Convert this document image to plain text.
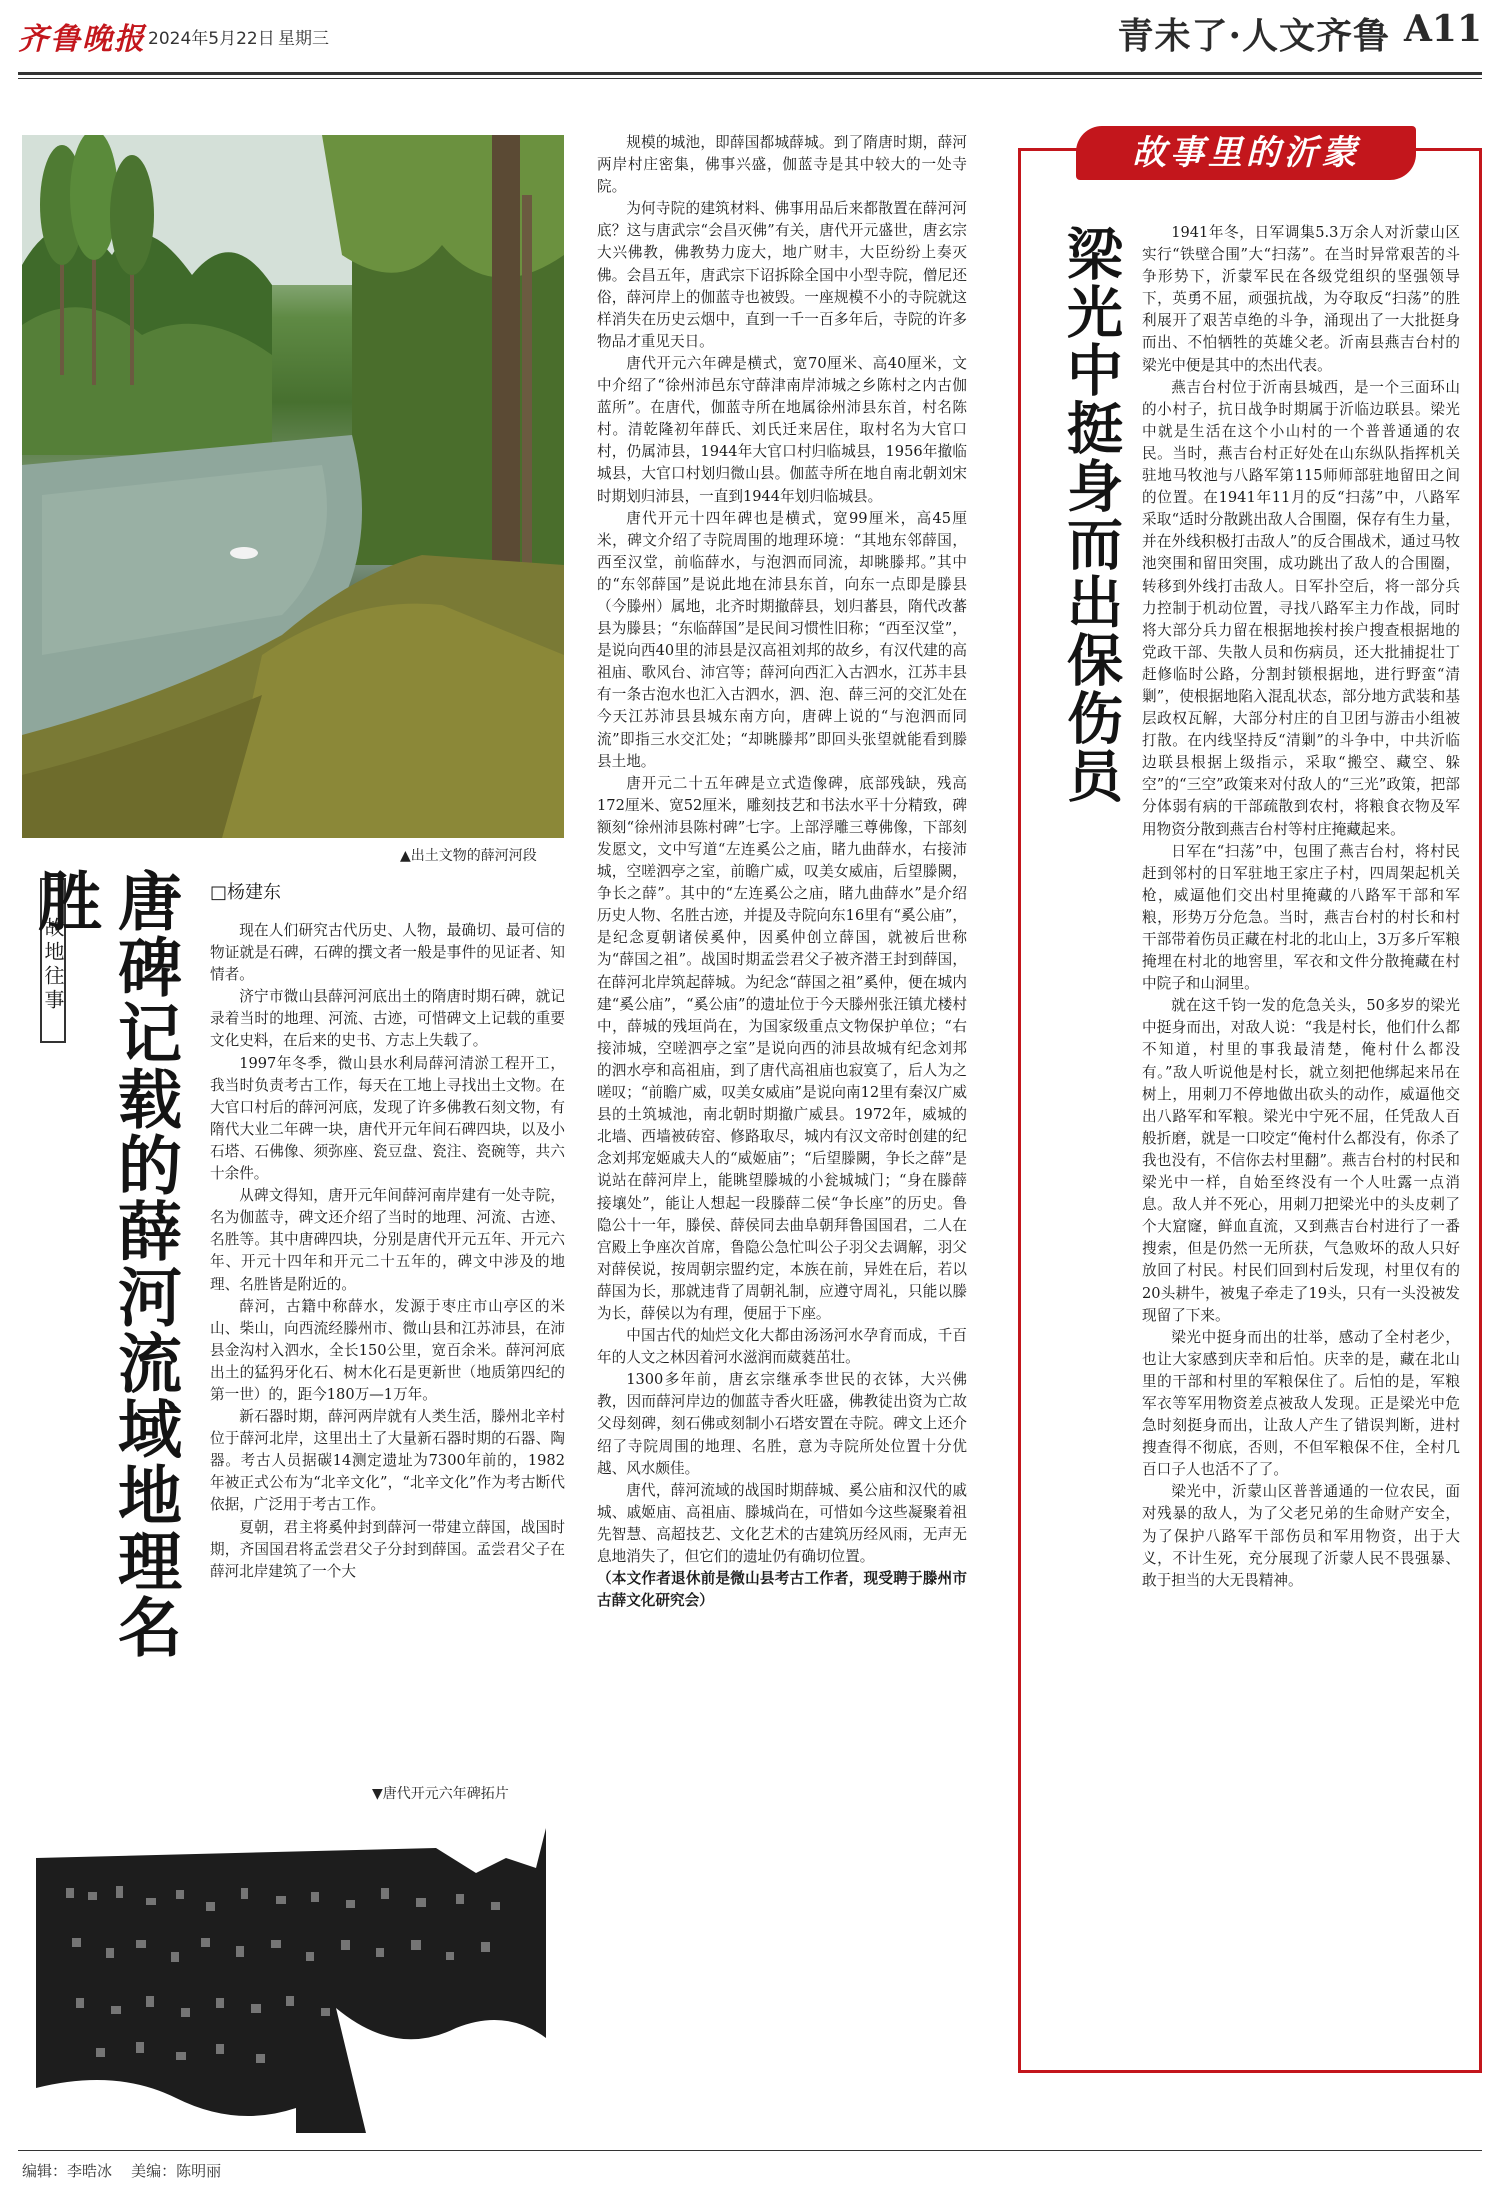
齐鲁晚报 2024年5月22日 星期三	青未了·人文齐鲁 A11
▲出土文物的薛河河段
故地往事 唐碑记载的薛河流域地理名胜	□杨建东

现在人们研究古代历史、人物，最确切、最可信的物证就是石碑，石碑的撰文者一般是事件的见证者、知情者。

济宁市微山县薛河河底出土的隋唐时期石碑，就记录着当时的地理、河流、古迹，可惜碑文上记载的重要文化史料，在后来的史书、方志上失载了。

1997年冬季，微山县水利局薛河清淤工程开工，我当时负责考古工作，每天在工地上寻找出土文物。在大官口村后的薛河河底，发现了许多佛教石刻文物，有隋代大业二年碑一块，唐代开元年间石碑四块，以及小石塔、石佛像、须弥座、瓷豆盘、瓷注、瓷碗等，共六十余件。

从碑文得知，唐开元年间薛河南岸建有一处寺院，名为伽蓝寺，碑文还介绍了当时的地理、河流、古迹、名胜等。其中唐碑四块，分别是唐代开元五年、开元六年、开元十四年和开元二十五年的，碑文中涉及的地理、名胜皆是附近的。

薛河，古籍中称薛水，发源于枣庄市山亭区的米山、柴山，向西流经滕州市、微山县和江苏沛县，在沛县金沟村入泗水，全长150公里，宽百余米。薛河河底出土的猛犸牙化石、树木化石是更新世（地质第四纪的第一世）的，距今180万—1万年。

新石器时期，薛河两岸就有人类生活，滕州北辛村位于薛河北岸，这里出土了大量新石器时期的石器、陶器。考古人员据碳14测定遗址为7300年前的，1982年被正式公布为“北辛文化”，“北辛文化”作为考古断代依据，广泛用于考古工作。

夏朝，君主将奚仲封到薛河一带建立薛国，战国时期，齐国国君将孟尝君父子分封到薛国。孟尝君父子在薛河北岸建筑了一个大

▼唐代开元六年碑拓片

规模的城池，即薛国都城薛城。到了隋唐时期，薛河两岸村庄密集，佛事兴盛，伽蓝寺是其中较大的一处寺院。

为何寺院的建筑材料、佛事用品后来都散置在薛河河底？这与唐武宗“会昌灭佛”有关，唐代开元盛世，唐玄宗大兴佛教，佛教势力庞大，地广财丰，大臣纷纷上奏灭佛。会昌五年，唐武宗下诏拆除全国中小型寺院，僧尼还俗，薛河岸上的伽蓝寺也被毁。一座规模不小的寺院就这样消失在历史云烟中，直到一千一百多年后，寺院的许多物品才重见天日。

唐代开元六年碑是横式，宽70厘米、高40厘米，文中介绍了“徐州沛邑东守薛津南岸沛城之乡陈村之内古伽蓝所”。在唐代，伽蓝寺所在地属徐州沛县东首，村名陈村。清乾隆初年薛氏、刘氏迁来居住，取村名为大官口村，仍属沛县，1944年大官口村归临城县，1956年撤临城县，大官口村划归微山县。伽蓝寺所在地自南北朝刘宋时期划归沛县，一直到1944年划归临城县。

唐代开元十四年碑也是横式，宽99厘米，高45厘米，碑文介绍了寺院周围的地理环境：“其地东邻薛国，西至汉堂，前临薛水，与泡泗而同流，却眺滕邦。”其中的“东邻薛国”是说此地在沛县东首，向东一点即是滕县（今滕州）属地，北齐时期撤薛县，划归蕃县，隋代改蕃县为滕县；“东临薛国”是民间习惯性旧称；“西至汉堂”，是说向西40里的沛县是汉高祖刘邦的故乡，有汉代建的高祖庙、歌风台、沛宫等；薛河向西汇入古泗水，江苏丰县有一条古泡水也汇入古泗水，泗、泡、薛三河的交汇处在今天江苏沛县县城东南方向，唐碑上说的“与泡泗而同流”即指三水交汇处；“却眺滕邦”即回头张望就能看到滕县土地。

唐开元二十五年碑是立式造像碑，底部残缺，残高172厘米、宽52厘米，雕刻技艺和书法水平十分精致，碑额刻“徐州沛县陈村碑”七字。上部浮雕三尊佛像，下部刻发愿文，文中写道“左连奚公之庙，睹九曲薛水，右接沛城，空嗟泗亭之室，前瞻广威，叹美女威庙，后望滕闕，争长之薛”。其中的“左连奚公之庙，睹九曲薛水”是介绍历史人物、名胜古迹，并提及寺院向东16里有“奚公庙”，是纪念夏朝诸侯奚仲，因奚仲创立薛国，就被后世称为“薛国之祖”。战国时期孟尝君父子被齐潜王封到薛国，在薛河北岸筑起薛城。为纪念“薛国之祖”奚仲，便在城内建“奚公庙”，“奚公庙”的遗址位于今天滕州张汪镇尤楼村中，薛城的残垣尚在，为国家级重点文物保护单位；“右接沛城，空嗟泗亭之室”是说向西的沛县故城有纪念刘邦的泗水亭和高祖庙，到了唐代高祖庙也寂寞了，后人为之嗟叹；“前瞻广威，叹美女威庙”是说向南12里有秦汉广威县的土筑城池，南北朝时期撤广威县。1972年，威城的北墙、西墙被砖窑、修路取尽，城内有汉文帝时创建的纪念刘邦宠姬戚夫人的“威姬庙”；“后望滕闕，争长之薛”是说站在薛河岸上，能眺望滕城的小瓮城城门；“身在滕薛接壤处”，能让人想起一段滕薛二侯“争长座”的历史。鲁隐公十一年，滕侯、薛侯同去曲阜朝拜鲁国国君，二人在宫殿上争座次首席，鲁隐公急忙叫公子羽父去调解，羽父对薛侯说，按周朝宗盟约定，本族在前，异姓在后，若以薛国为长，那就违背了周朝礼制，应遵守周礼，只能以滕为长，薛侯以为有理，便屈于下座。

中国古代的灿烂文化大都由汤汤河水孕育而成，千百年的人文之林因着河水滋润而葳蕤茁壮。

1300多年前，唐玄宗继承李世民的衣钵，大兴佛教，因而薛河岸边的伽蓝寺香火旺盛，佛教徒出资为亡故父母刻碑，刻石佛或刻制小石塔安置在寺院。碑文上还介绍了寺院周围的地理、名胜，意为寺院所处位置十分优越、风水颇佳。

唐代，薛河流域的战国时期薛城、奚公庙和汉代的戚城、戚姬庙、高祖庙、滕城尚在，可惜如今这些凝聚着祖先智慧、高超技艺、文化艺术的古建筑历经风雨，无声无息地消失了，但它们的遗址仍有确切位置。

（本文作者退休前是微山县考古工作者，现受聘于滕州市古薛文化研究会）

故事里的沂蒙
梁光中挺身而出保伤员	1941年冬，日军调集5.3万余人对沂蒙山区实行“铁壁合围”大“扫荡”。在当时异常艰苦的斗争形势下，沂蒙军民在各级党组织的坚强领导下，英勇不屈，顽强抗战，为夺取反“扫荡”的胜利展开了艰苦卓绝的斗争，涌现出了一大批挺身而出、不怕牺牲的英雄父老。沂南县燕吉台村的梁光中便是其中的杰出代表。

燕吉台村位于沂南县城西，是一个三面环山的小村子，抗日战争时期属于沂临边联县。梁光中就是生活在这个小山村的一个普普通通的农民。当时，燕吉台村正好处在山东纵队指挥机关驻地马牧池与八路军第115师师部驻地留田之间的位置。在1941年11月的反“扫荡”中，八路军采取“适时分散跳出敌人合围圈，保存有生力量，并在外线积极打击敌人”的反合围战术，通过马牧池突围和留田突围，成功跳出了敌人的合围圈，转移到外线打击敌人。日军扑空后，将一部分兵力控制于机动位置，寻找八路军主力作战，同时将大部分兵力留在根据地挨村挨户搜查根据地的党政干部、失散人员和伤病员，还大批捕捉壮丁赶修临时公路，分割封锁根据地，进行野蛮“清剿”，使根据地陷入混乱状态，部分地方武装和基层政权瓦解，大部分村庄的自卫团与游击小组被打散。在内线坚持反“清剿”的斗争中，中共沂临边联县根据上级指示，采取“搬空、藏空、躲空”的“三空”政策来对付敌人的“三光”政策，把部分体弱有病的干部疏散到农村，将粮食衣物及军用物资分散到燕吉台村等村庄掩藏起来。

日军在“扫荡”中，包围了燕吉台村，将村民赶到邻村的日军驻地王家庄子村，四周架起机关枪，威逼他们交出村里掩藏的八路军干部和军粮，形势万分危急。当时，燕吉台村的村长和村干部带着伤员正藏在村北的北山上，3万多斤军粮掩埋在村北的地窖里，军衣和文件分散掩藏在村中院子和山洞里。

就在这千钧一发的危急关头，50多岁的梁光中挺身而出，对敌人说：“我是村长，他们什么都不知道，村里的事我最清楚，俺村什么都没有。”敌人听说他是村长，就立刻把他绑起来吊在树上，用刺刀不停地做出砍头的动作，威逼他交出八路军和军粮。梁光中宁死不屈，任凭敌人百般折磨，就是一口咬定“俺村什么都没有，你杀了我也没有，不信你去村里翻”。燕吉台村的村民和梁光中一样，自始至终没有一个人吐露一点消息。敌人并不死心，用刺刀把梁光中的头皮刺了个大窟窿，鲜血直流，又到燕吉台村进行了一番搜索，但是仍然一无所获，气急败坏的敌人只好放回了村民。村民们回到村后发现，村里仅有的20头耕牛，被鬼子牵走了19头，只有一头没被发现留了下来。

梁光中挺身而出的壮举，感动了全村老少，也让大家感到庆幸和后怕。庆幸的是，藏在北山里的干部和村里的军粮保住了。后怕的是，军粮军衣等军用物资差点被敌人发现。正是梁光中危急时刻挺身而出，让敌人产生了错误判断，进村搜查得不彻底，否则，不但军粮保不住，全村几百口子人也活不了了。

梁光中，沂蒙山区普普通通的一位农民，面对残暴的敌人，为了父老兄弟的生命财产安全，为了保护八路军干部伤员和军用物资，出于大义，不计生死，充分展现了沂蒙人民不畏强暴、敢于担当的大无畏精神。

编辑：李晧冰 美编：陈明丽
